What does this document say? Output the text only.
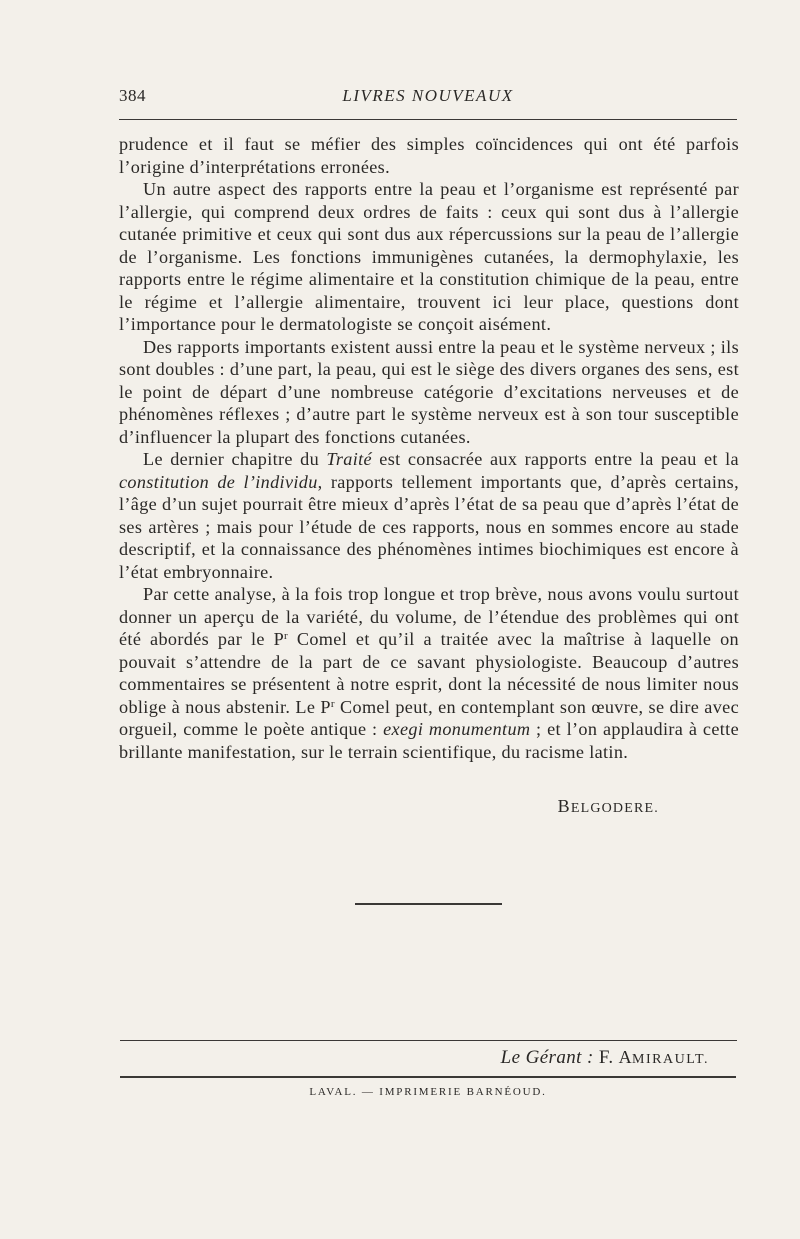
384	LIVRES NOUVEAUX

prudence et il faut se méfier des simples coïncidences qui ont été parfois l’origine d’interprétations erronées.

Un autre aspect des rapports entre la peau et l’organisme est représenté par l’allergie, qui comprend deux ordres de faits : ceux qui sont dus à l’allergie cutanée primitive et ceux qui sont dus aux répercussions sur la peau de l’allergie de l’organisme. Les fonctions immunigènes cutanées, la dermophylaxie, les rapports entre le régime alimentaire et la constitution chimique de la peau, entre le régime et l’allergie alimentaire, trouvent ici leur place, questions dont l’importance pour le dermatologiste se conçoit aisément.

Des rapports importants existent aussi entre la peau et le système nerveux ; ils sont doubles : d’une part, la peau, qui est le siège des divers organes des sens, est le point de départ d’une nombreuse catégorie d’excitations nerveuses et de phénomènes réflexes ; d’autre part le système nerveux est à son tour susceptible d’influencer la plupart des fonctions cutanées.

Le dernier chapitre du Traité est consacrée aux rapports entre la peau et la constitution de l’individu, rapports tellement importants que, d’après certains, l’âge d’un sujet pourrait être mieux d’après l’état de sa peau que d’après l’état de ses artères ; mais pour l’étude de ces rapports, nous en sommes encore au stade descriptif, et la connaissance des phénomènes intimes biochimiques est encore à l’état embryonnaire.

Par cette analyse, à la fois trop longue et trop brève, nous avons voulu surtout donner un aperçu de la variété, du volume, de l’étendue des problèmes qui ont été abordés par le $P^r$ Comel et qu’il a traitée avec la maîtrise à laquelle on pouvait s’attendre de la part de ce savant physiologiste. Beaucoup d’autres commentaires se présentent à notre esprit, dont la nécessité de nous limiter nous oblige à nous abstenir. Le $P^r$ Comel peut, en contemplant son œuvre, se dire avec orgueil, comme le poète antique : exegi monumentum ; et l’on applaudira à cette brillante manifestation, sur le terrain scientifique, du racisme latin.

BELGODERE.
Le Gérant : F. AMIRAULT.
LAVAL. — IMPRIMERIE BARNÉOUD.
